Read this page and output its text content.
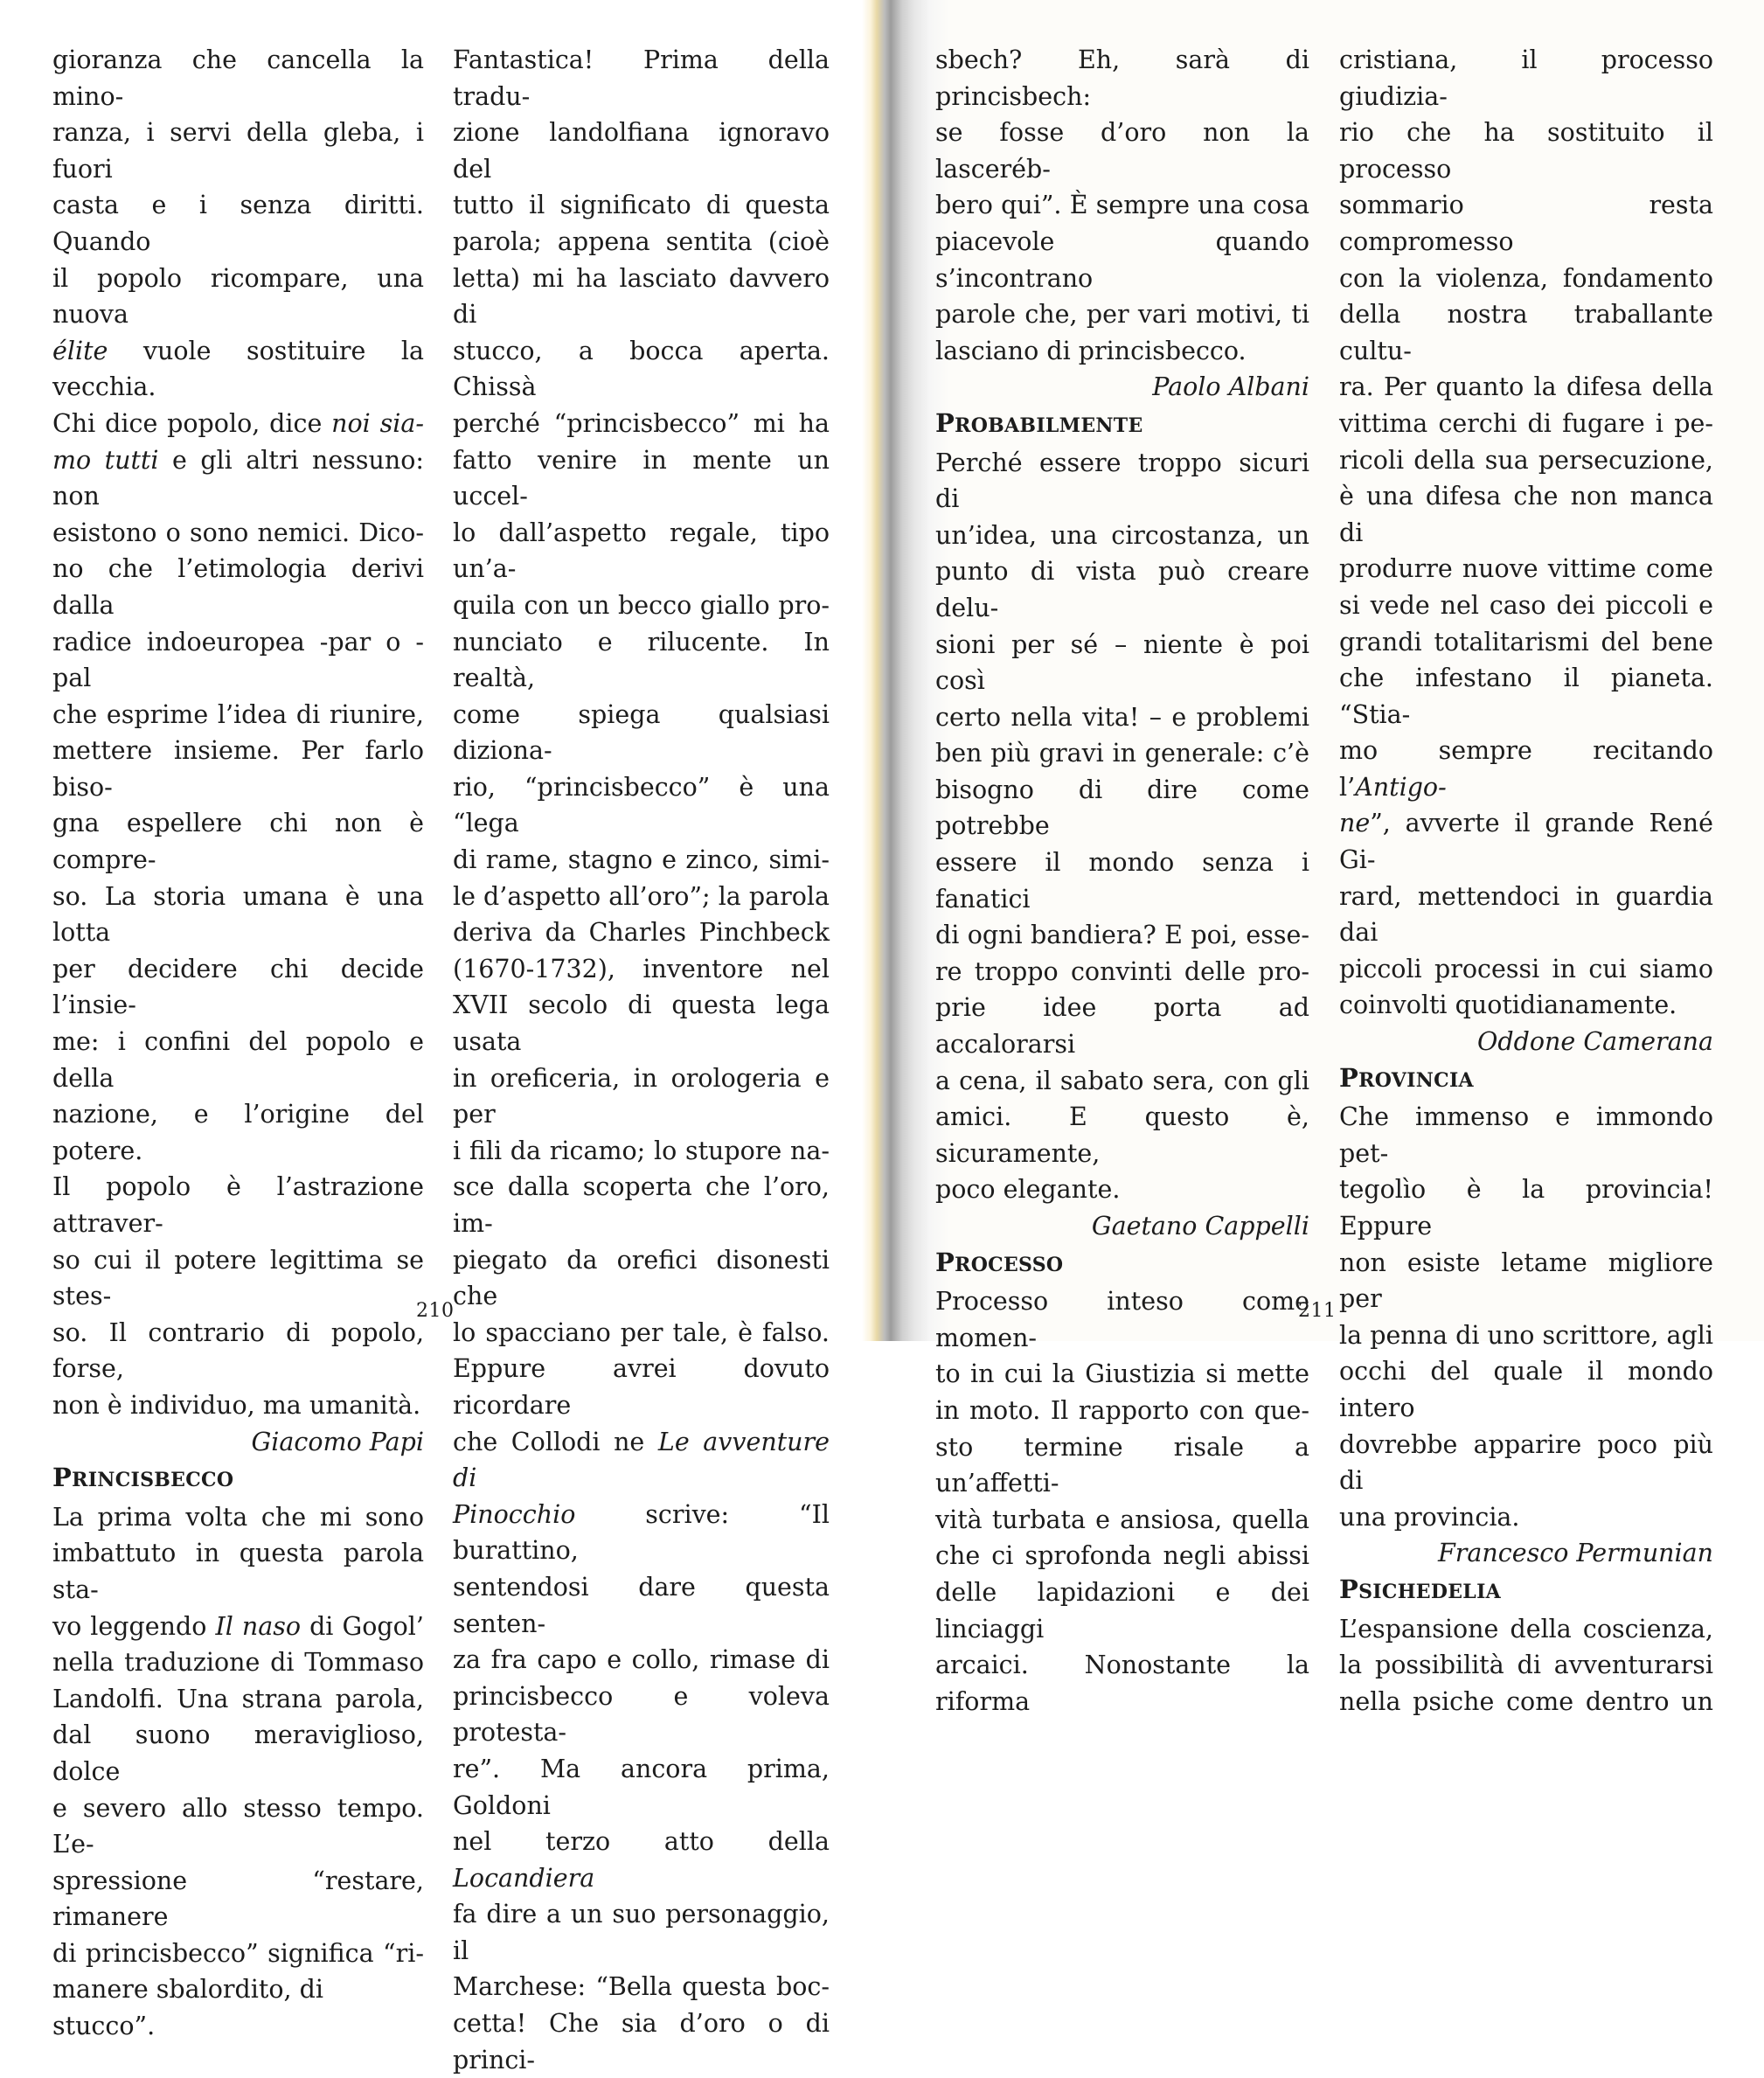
gioranza che cancella la mino-

ranza, i servi della gleba, i fuori

casta e i senza diritti. Quando

il popolo ricompare, una nuova

élite vuole sostituire la vecchia.

Chi dice popolo, dice noi sia-

mo tutti e gli altri nessuno: non

esistono o sono nemici. Dico-

no che l’etimologia derivi dalla

radice indoeuropea -par o -pal

che esprime l’idea di riunire,

mettere insieme. Per farlo biso-

gna espellere chi non è compre-

so. La storia umana è una lotta

per decidere chi decide l’insie-

me: i confini del popolo e della

nazione, e l’origine del potere.

Il popolo è l’astrazione attraver-

so cui il potere legittima se stes-

so. Il contrario di popolo, forse,

non è individuo, ma umanità.

Giacomo Papi

PRINCISBECCO

La prima volta che mi sono

imbattuto in questa parola sta-

vo leggendo Il naso di Gogol’

nella traduzione di Tommaso

Landolfi. Una strana parola,

dal suono meraviglioso, dolce

e severo allo stesso tempo. L’e-

spressione “restare, rimanere

di princisbecco” significa “ri-

manere sbalordito, di stucco”.

Fantastica! Prima della tradu-

zione landolfiana ignoravo del

tutto il significato di questa

parola; appena sentita (cioè

letta) mi ha lasciato davvero di

stucco, a bocca aperta. Chissà

perché “princisbecco” mi ha

fatto venire in mente un uccel-

lo dall’aspetto regale, tipo un’a-

quila con un becco giallo pro-

nunciato e rilucente. In realtà,

come spiega qualsiasi diziona-

rio, “princisbecco” è una “lega

di rame, stagno e zinco, simi-

le d’aspetto all’oro”; la parola

deriva da Charles Pinchbeck

(1670-1732), inventore nel

XVII secolo di questa lega usata

in oreficeria, in orologeria e per

i fili da ricamo; lo stupore na-

sce dalla scoperta che l’oro, im-

piegato da orefici disonesti che

lo spacciano per tale, è falso.

Eppure avrei dovuto ricordare

che Collodi ne Le avventure di

Pinocchio scrive: “Il burattino,

sentendosi dare questa senten-

za fra capo e collo, rimase di

princisbecco e voleva protesta-

re”. Ma ancora prima, Goldoni

nel terzo atto della Locandiera

fa dire a un suo personaggio, il

Marchese: “Bella questa boc-

cetta! Che sia d’oro o di princi-

210

sbech? Eh, sarà di princisbech:

se fosse d’oro non la lasceréb-

bero qui”. È sempre una cosa

piacevole quando s’incontrano

parole che, per vari motivi, ti

lasciano di princisbecco.

Paolo Albani

PROBABILMENTE

Perché essere troppo sicuri di

un’idea, una circostanza, un

punto di vista può creare delu-

sioni per sé – niente è poi così

certo nella vita! – e problemi

ben più gravi in generale: c’è

bisogno di dire come potrebbe

essere il mondo senza i fanatici

di ogni bandiera? E poi, esse-

re troppo convinti delle pro-

prie idee porta ad accalorarsi

a cena, il sabato sera, con gli

amici. E questo è, sicuramente,

poco elegante.

Gaetano Cappelli

PROCESSO

Processo inteso come momen-

to in cui la Giustizia si mette

in moto. Il rapporto con que-

sto termine risale a un’affetti-

vità turbata e ansiosa, quella

che ci sprofonda negli abissi

delle lapidazioni e dei linciaggi

arcaici. Nonostante la riforma

cristiana, il processo giudizia-

rio che ha sostituito il processo

sommario resta compromesso

con la violenza, fondamento

della nostra traballante cultu-

ra. Per quanto la difesa della

vittima cerchi di fugare i pe-

ricoli della sua persecuzione,

è una difesa che non manca di

produrre nuove vittime come

si vede nel caso dei piccoli e

grandi totalitarismi del bene

che infestano il pianeta. “Stia-

mo sempre recitando l’Antigo-

ne”, avverte il grande René Gi-

rard, mettendoci in guardia dai

piccoli processi in cui siamo

coinvolti quotidianamente.

Oddone Camerana

PROVINCIA

Che immenso e immondo pet-

tegolìo è la provincia! Eppure

non esiste letame migliore per

la penna di uno scrittore, agli

occhi del quale il mondo intero

dovrebbe apparire poco più di

una provincia.

Francesco Permunian

PSICHEDELIA

L’espansione della coscienza,

la possibilità di avventurarsi

nella psiche come dentro un

211
